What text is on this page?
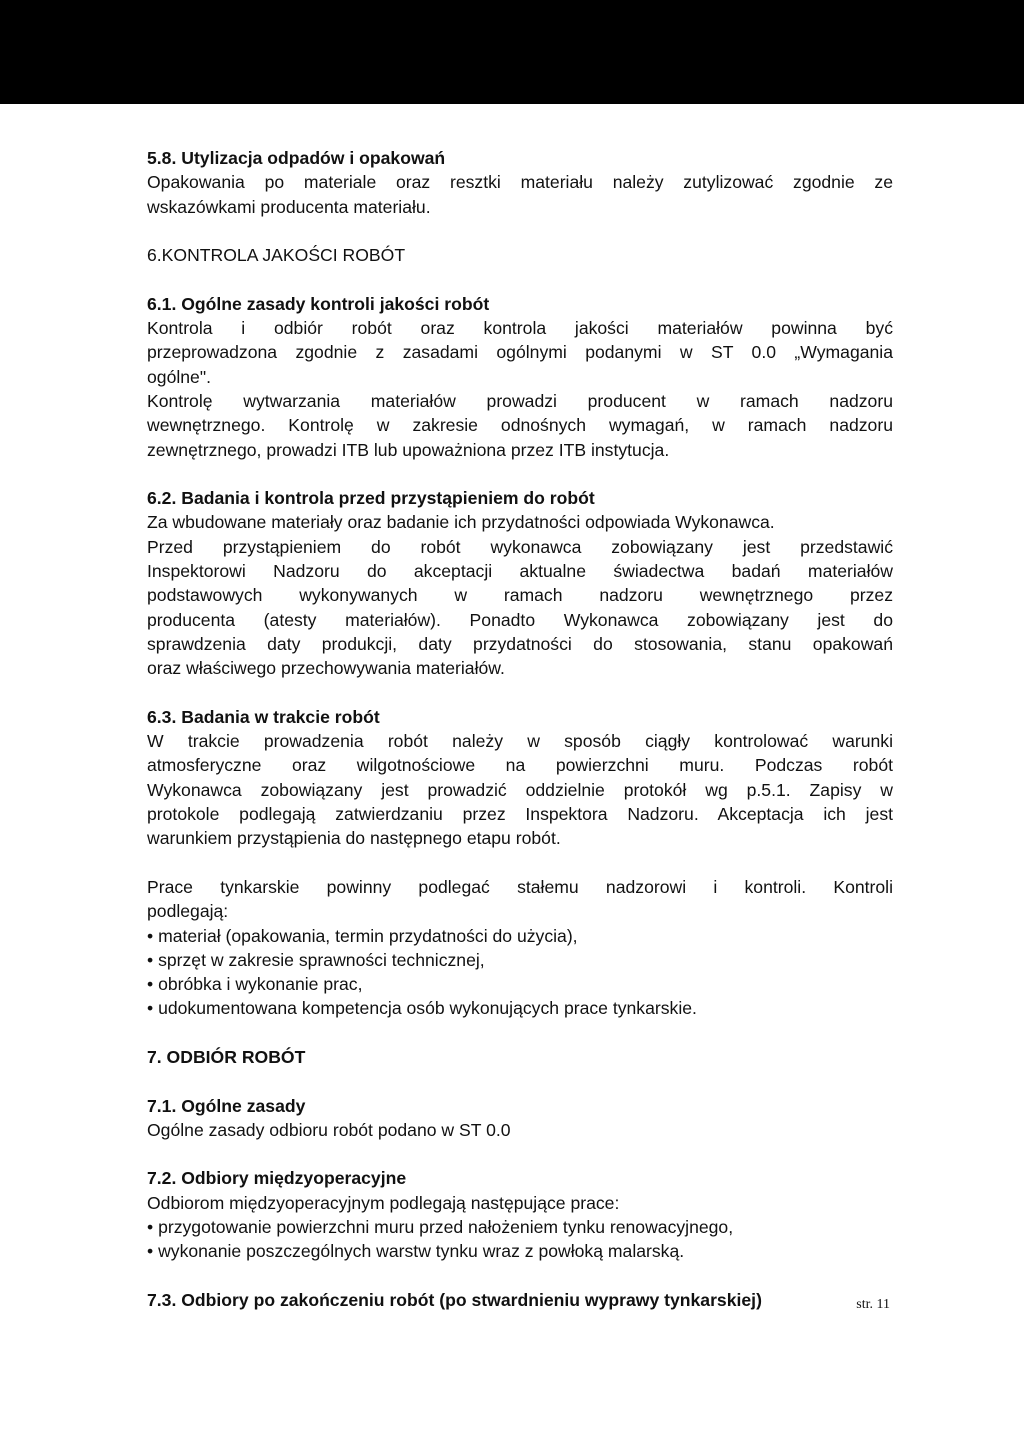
5.8. Utylizacja odpadów i opakowań

Opakowania po materiale oraz resztki materiału należy zutylizować zgodnie ze

wskazówkami producenta materiału.

6.KONTROLA JAKOŚCI ROBÓT

6.1. Ogólne zasady kontroli jakości robót

Kontrola i odbiór robót oraz kontrola jakości materiałów powinna być

przeprowadzona zgodnie z zasadami ogólnymi podanymi w ST 0.0 „Wymagania

ogólne".

Kontrolę wytwarzania materiałów prowadzi producent w ramach nadzoru

wewnętrznego. Kontrolę w zakresie odnośnych wymagań, w ramach nadzoru

zewnętrznego, prowadzi ITB lub upoważniona przez ITB instytucja.

6.2. Badania i kontrola przed przystąpieniem do robót

Za wbudowane materiały oraz badanie ich przydatności odpowiada Wykonawca.

Przed przystąpieniem do robót wykonawca zobowiązany jest przedstawić

Inspektorowi Nadzoru do akceptacji aktualne świadectwa badań materiałów

podstawowych wykonywanych w ramach nadzoru wewnętrznego przez

producenta (atesty materiałów). Ponadto Wykonawca zobowiązany jest do

sprawdzenia daty produkcji, daty przydatności do stosowania, stanu opakowań

oraz właściwego przechowywania materiałów.

6.3. Badania w trakcie robót

W trakcie prowadzenia robót należy w sposób ciągły kontrolować warunki

atmosferyczne oraz wilgotnościowe na powierzchni muru. Podczas robót

Wykonawca zobowiązany jest prowadzić oddzielnie protokół wg p.5.1. Zapisy w

protokole podlegają zatwierdzaniu przez Inspektora Nadzoru. Akceptacja ich jest

warunkiem przystąpienia do następnego etapu robót.

Prace tynkarskie powinny podlegać stałemu nadzorowi i kontroli. Kontroli

podlegają:

• materiał (opakowania, termin przydatności do użycia),
• sprzęt w zakresie sprawności technicznej,
• obróbka i wykonanie prac,
• udokumentowana kompetencja osób wykonujących prace tynkarskie.

7. ODBIÓR ROBÓT

7.1. Ogólne zasady

Ogólne zasady odbioru robót podano w ST 0.0

7.2. Odbiory międzyoperacyjne

Odbiorom międzyoperacyjnym podlegają następujące prace:

• przygotowanie powierzchni muru przed nałożeniem tynku renowacyjnego,
• wykonanie poszczególnych warstw tynku wraz z powłoką malarską.

7.3. Odbiory po zakończeniu robót (po stwardnieniu wyprawy tynkarskiej)	str. 11
